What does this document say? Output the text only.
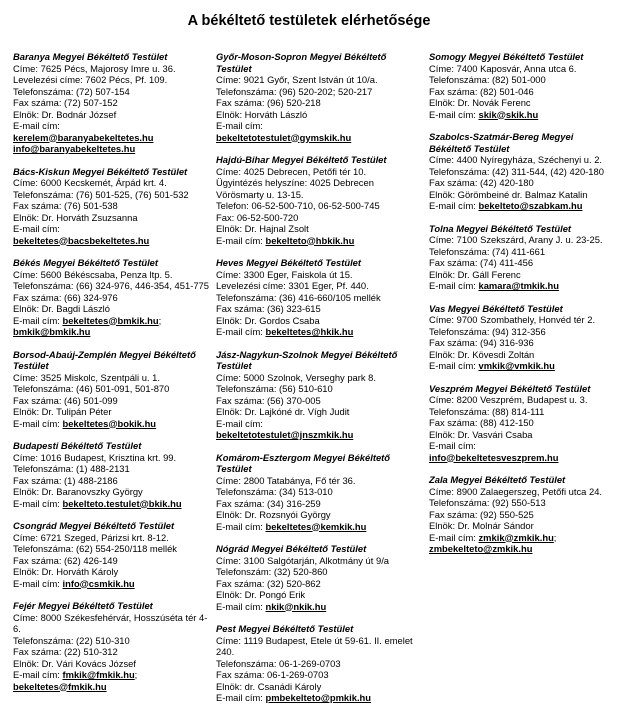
A békéltető testületek elérhetősége
Baranya Megyei Békéltető Testület
Címe: 7625 Pécs, Majorosy Imre u. 36.
Levelezési címe: 7602 Pécs, Pf. 109.
Telefonszáma: (72) 507-154
Fax száma: (72) 507-152
Elnök: Dr. Bodnár József
E-mail cím:
kerelem@baranyabekeltetes.hu
info@baranyabekeltetes.hu
Bács-Kiskun Megyei Békéltető Testület
Címe: 6000 Kecskemét, Árpád krt. 4.
Telefonszáma: (76) 501-525, (76) 501-532
Fax száma: (76) 501-538
Elnök: Dr. Horváth Zsuzsanna
E-mail cím:
bekeltetes@bacsbekeltetes.hu
Békés Megyei Békéltető Testület
Címe: 5600 Békéscsaba, Penza ltp. 5.
Telefonszáma: (66) 324-976, 446-354, 451-775
Fax száma: (66) 324-976
Elnök: Dr. Bagdi László
E-mail cím: bekeltetes@bmkik.hu;
bmkik@bmkik.hu
Borsod-Abaúj-Zemplén Megyei Békéltető Testület
Címe: 3525 Miskolc, Szentpáli u. 1.
Telefonszáma: (46) 501-091, 501-870
Fax száma: (46) 501-099
Elnök: Dr. Tulipán Péter
E-mail cím: bekeltetes@bokik.hu
Budapesti Békéltető Testület
Címe: 1016 Budapest, Krisztina krt. 99.
Telefonszáma: (1) 488-2131
Fax száma: (1) 488-2186
Elnök: Dr. Baranovszky György
E-mail cím: bekelteto.testulet@bkik.hu
Csongrád Megyei Békéltető Testület
Címe: 6721 Szeged, Párizsi krt. 8-12.
Telefonszáma: (62) 554-250/118 mellék
Fax száma: (62) 426-149
Elnök: Dr. Horváth Károly
E-mail cím: info@csmkik.hu
Fejér Megyei Békéltető Testület
Címe: 8000 Székesfehérvár, Hosszúséta tér 4-6.
Telefonszáma: (22) 510-310
Fax száma: (22) 510-312
Elnök: Dr. Vári Kovács József
E-mail cím: fmkik@fmkik.hu;
bekeltetes@fmkik.hu
Győr-Moson-Sopron Megyei Békéltető Testület
Címe: 9021 Győr, Szent István út 10/a.
Telefonszáma: (96) 520-202; 520-217
Fax száma: (96) 520-218
Elnök: Horváth László
E-mail cím:
bekeltetotestulet@gymskik.hu
Hajdú-Bihar Megyei Békéltető Testület
Címe: 4025 Debrecen, Petőfi tér 10.
Ügyintézés helyszíne: 4025 Debrecen Vörösmarty u. 13-15.
Telefon: 06-52-500-710, 06-52-500-745
Fax: 06-52-500-720
Elnök: Dr. Hajnal Zsolt
E-mail cím: bekelteto@hbkik.hu
Heves Megyei Békéltető Testület
Címe: 3300 Eger, Faiskola út 15.
Levelezési címe: 3301 Eger, Pf. 440.
Telefonszáma: (36) 416-660/105 mellék
Fax száma: (36) 323-615
Elnök: Dr. Gordos Csaba
E-mail cím: bekeltetes@hkik.hu
Jász-Nagykun-Szolnok Megyei Békéltető Testület
Címe: 5000 Szolnok, Verseghy park 8.
Telefonszáma: (56) 510-610
Fax száma: (56) 370-005
Elnök: Dr. Lajkóné dr. Vígh Judit
E-mail cím:
bekeltetotestulet@jnszmkik.hu
Komárom-Esztergom Megyei Békéltető Testület
Címe: 2800 Tatabánya, Fő tér 36.
Telefonszáma: (34) 513-010
Fax száma: (34) 316-259
Elnök: Dr. Rozsnyói György
E-mail cím: bekeltetes@kemkik.hu
Nógrád Megyei Békéltető Testület
Címe: 3100 Salgótarján, Alkotmány út 9/a
Telefonszám: (32) 520-860
Fax száma: (32) 520-862
Elnök: Dr. Pongó Erik
E-mail cím: nkik@nkik.hu
Pest Megyei Békéltető Testület
Címe: 1119 Budapest, Etele út 59-61. II. emelet 240.
Telefonszáma: 06-1-269-0703
Fax száma: 06-1-269-0703
Elnök: dr. Csanádi Károly
E-mail cím: pmbekelteto@pmkik.hu
Somogy Megyei Békéltető Testület
Címe: 7400 Kaposvár, Anna utca 6.
Telefonszáma: (82) 501-000
Fax száma: (82) 501-046
Elnök: Dr. Novák Ferenc
E-mail cím: skik@skik.hu
Szabolcs-Szatmár-Bereg Megyei Békéltető Testület
Címe: 4400 Nyíregyháza, Széchenyi u. 2.
Telefonszáma: (42) 311-544, (42) 420-180
Fax száma: (42) 420-180
Elnök: Görömbeiné dr. Balmaz Katalin
E-mail cím: bekelteto@szabkam.hu
Tolna Megyei Békéltető Testület
Címe: 7100 Szekszárd, Arany J. u. 23-25.
Telefonszáma: (74) 411-661
Fax száma: (74) 411-456
Elnök: Dr. Gáll Ferenc
E-mail cím: kamara@tmkik.hu
Vas Megyei Békéltető Testület
Címe: 9700 Szombathely, Honvéd tér 2.
Telefonszáma: (94) 312-356
Fax száma: (94) 316-936
Elnök: Dr. Kövesdi Zoltán
E-mail cím: vmkik@vmkik.hu
Veszprém Megyei Békéltető Testület
Címe: 8200 Veszprém, Budapest u. 3.
Telefonszáma: (88) 814-111
Fax száma: (88) 412-150
Elnök: Dr. Vasvári Csaba
E-mail cím:
info@bekeltetesveszprem.hu
Zala Megyei Békéltető Testület
Címe: 8900 Zalaegerszeg, Petőfi utca 24.
Telefonszáma: (92) 550-513
Fax száma: (92) 550-525
Elnök: Dr. Molnár Sándor
E-mail cím: zmkik@zmkik.hu;
zmbekelteto@zmkik.hu
